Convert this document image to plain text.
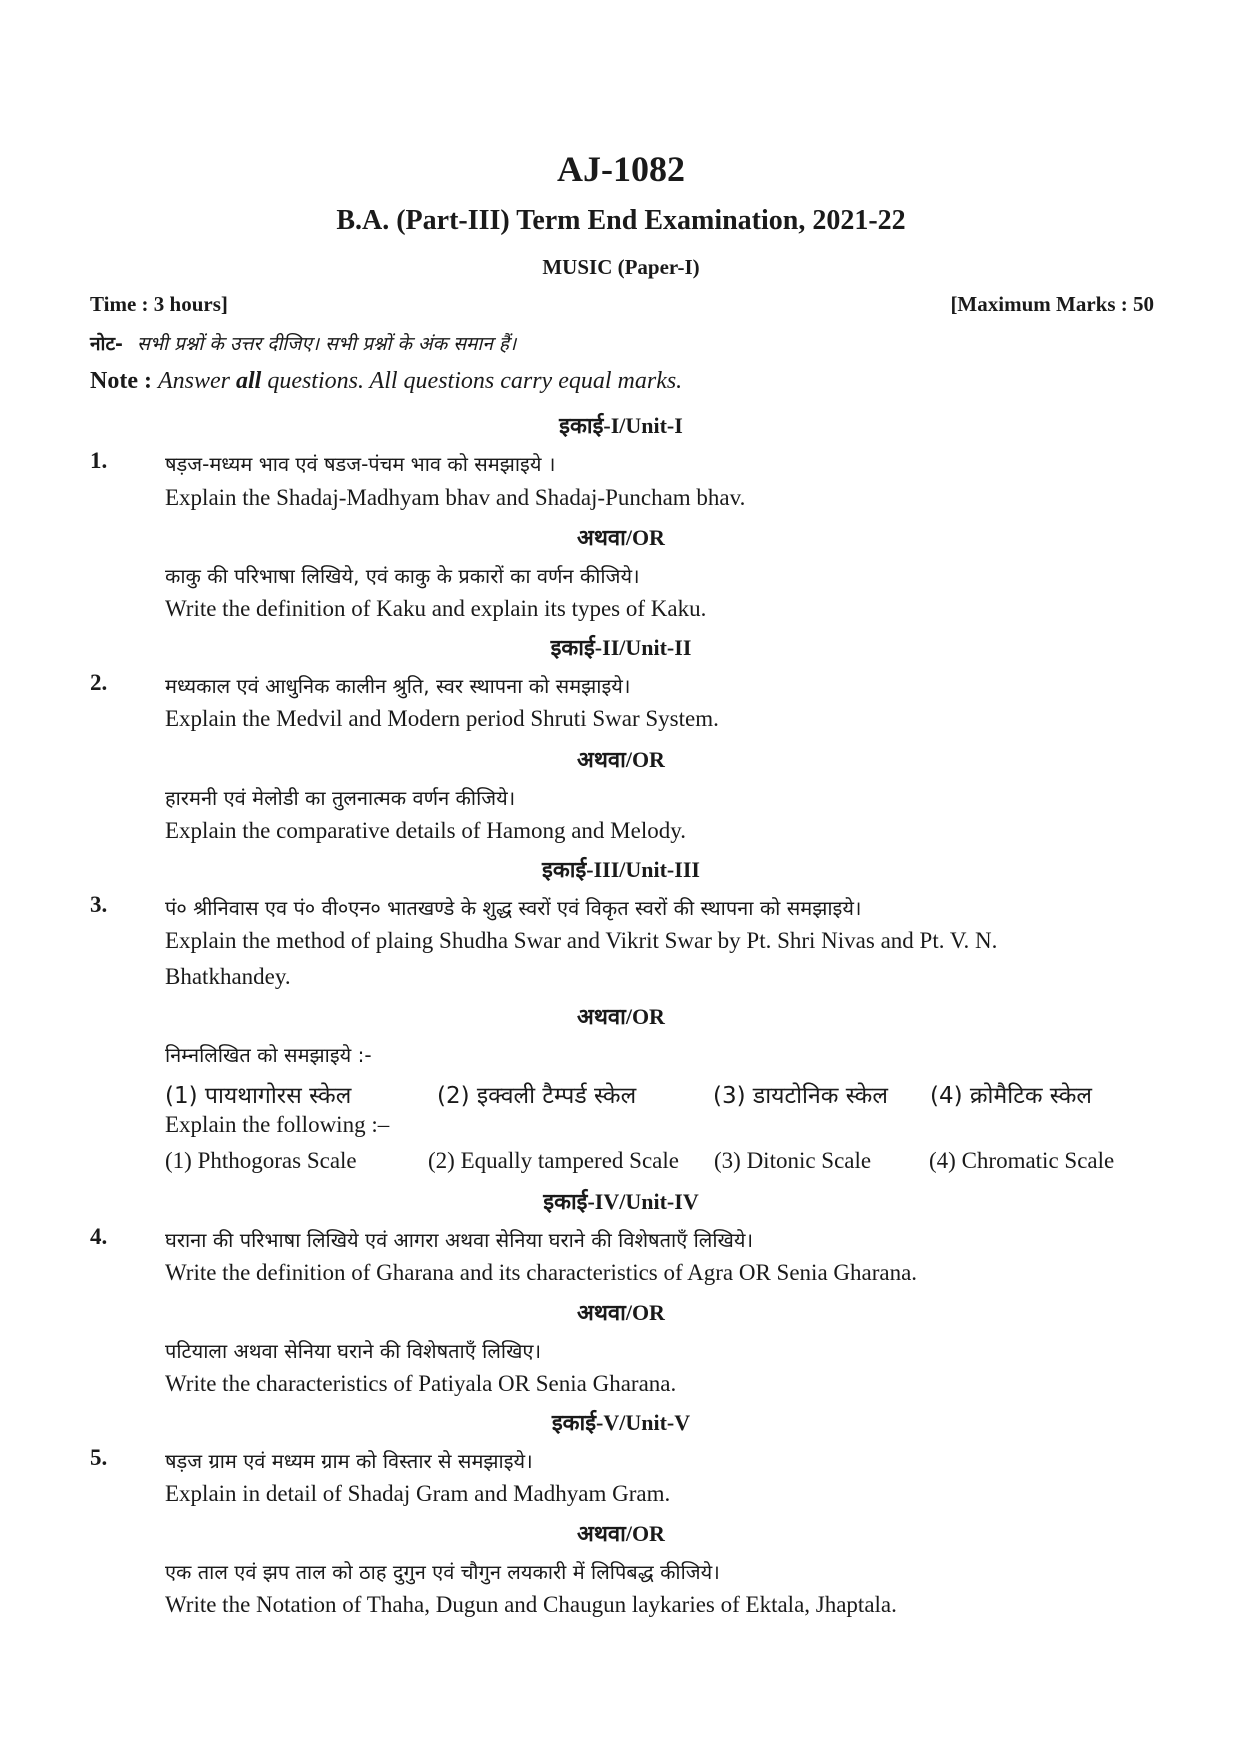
AJ-1082
B.A. (Part-III) Term End Examination, 2021-22
MUSIC (Paper-I)
Time : 3 hours]	[Maximum Marks : 50
नोट- सभी प्रश्नों के उत्तर दीजिए। सभी प्रश्नों के अंक समान हैं।
Note : Answer all questions. All questions carry equal marks.
इकाई-I/Unit-I
1.	षड़ज-मध्यम भाव एवं षडज-पंचम भाव को समझाइये ।
Explain the Shadaj-Madhyam bhav and Shadaj-Puncham bhav.
अथवा/OR
काकु की परिभाषा लिखिये, एवं काकु के प्रकारों का वर्णन कीजिये।
Write the definition of Kaku and explain its types of Kaku.
इकाई-II/Unit-II
2.	मध्यकाल एवं आधुनिक कालीन श्रुति, स्वर स्थापना को समझाइये।
Explain the Medvil and Modern period Shruti Swar System.
अथवा/OR
हारमनी एवं मेलोडी का तुलनात्मक वर्णन कीजिये।
Explain the comparative details of Hamong and Melody.
इकाई-III/Unit-III
3.	पं० श्रीनिवास एव पं० वी०एन० भातखण्डे के शुद्ध स्वरों एवं विकृत स्वरों की स्थापना को समझाइये।
Explain the method of plaing Shudha Swar and Vikrit Swar by Pt. Shri Nivas and Pt. V. N.
Bhatkhandey.
अथवा/OR
निम्नलिखित को समझाइये :-
(1) पायथागोरस स्केल	(2) इक्वली टैम्पर्ड स्केल	(3) डायटोनिक स्केल (4) क्रोमैटिक स्केल
Explain the following :–
(1) Phthogoras Scale	(2) Equally tampered Scale (3) Ditonic Scale	(4) Chromatic Scale
इकाई-IV/Unit-IV
4.	घराना की परिभाषा लिखिये एवं आगरा अथवा सेनिया घराने की विशेषताएँ लिखिये।
Write the definition of Gharana and its characteristics of Agra OR Senia Gharana.
अथवा/OR
पटियाला अथवा सेनिया घराने की विशेषताएँ लिखिए।
Write the characteristics of Patiyala OR Senia Gharana.
इकाई-V/Unit-V
5.	षड़ज ग्राम एवं मध्यम ग्राम को विस्तार से समझाइये।
Explain in detail of Shadaj Gram and Madhyam Gram.
अथवा/OR
एक ताल एवं झप ताल को ठाह दुगुन एवं चौगुन लयकारी में लिपिबद्ध कीजिये।
Write the Notation of Thaha, Dugun and Chaugun laykaries of Ektala, Jhaptala.
